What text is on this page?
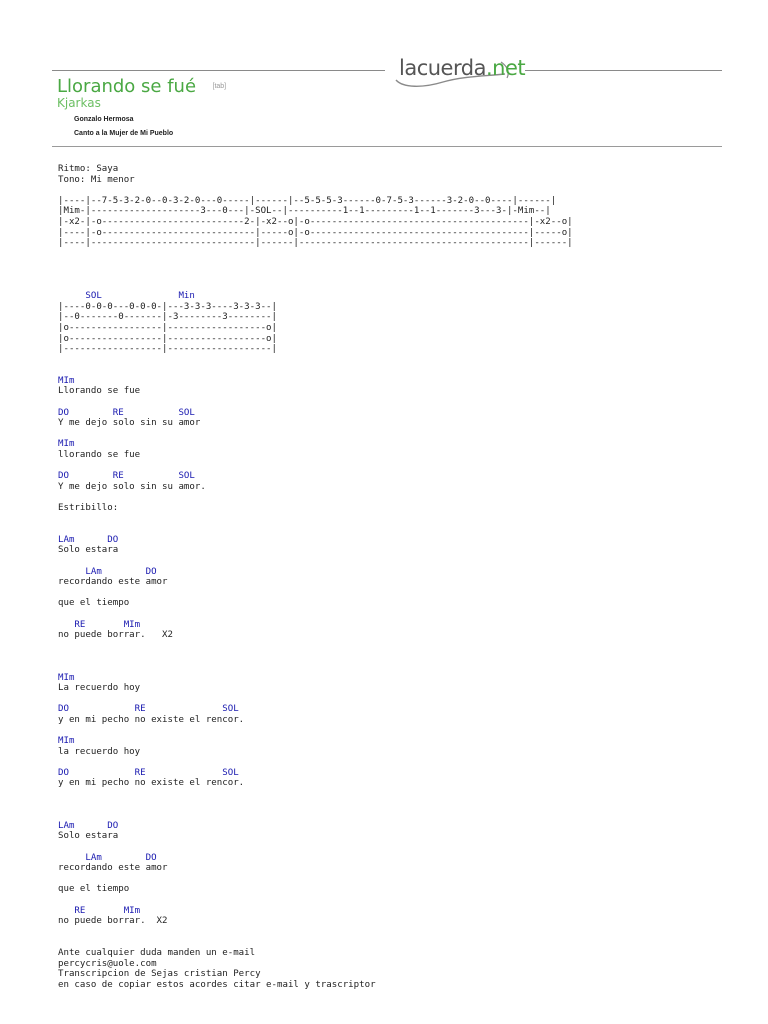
lacuerda.net
Llorando se fué [tab]
Kjarkas
Gonzalo Hermosa
Canto a la Mujer de Mi Pueblo
Ritmo: Saya
Tono: Mi menor
|----|--7-5-3-2-0--0-3-2-0---0-----|------|--5-5-5-3------0-7-5-3------3-2-0--0----|------|
|Mim-|--------------------3---0---|-SOL--|----------1--1---------1--1-------3---3-|-Mim--|
|-x2-|-o--------------------------2-|-x2--o|-o----------------------------------------|-x2--o|
|----|-o----------------------------|-----o|-o----------------------------------------|-----o|
|----|------------------------------|------|------------------------------------------|------|
SOL              Min
|----0-0-0---0-0-0-|---3-3-3----3-3-3--|
|--0-------0-------|-3--------3--------|
|o-----------------|------------------o|
|o-----------------|------------------o|
|------------------|-------------------|
MIm
Llorando se fue
DO        RE          SOL
Y me dejo solo sin su amor
MIm
llorando se fue
DO        RE          SOL
Y me dejo solo sin su amor.
Estribillo:
LAm      DO
Solo estara
LAm        DO
recordando este amor
que el tiempo
RE       MIm
no puede borrar.   X2
MIm
La recuerdo hoy
DO            RE              SOL
y en mi pecho no existe el rencor.
MIm
la recuerdo hoy
DO            RE              SOL
y en mi pecho no existe el rencor.
LAm      DO
Solo estara
LAm        DO
recordando este amor
que el tiempo
RE       MIm
no puede borrar.  X2
Ante cualquier duda manden un e-mail
percycris@uole.com
Transcripcion de Sejas cristian Percy
en caso de copiar estos acordes citar e-mail y trascriptor
